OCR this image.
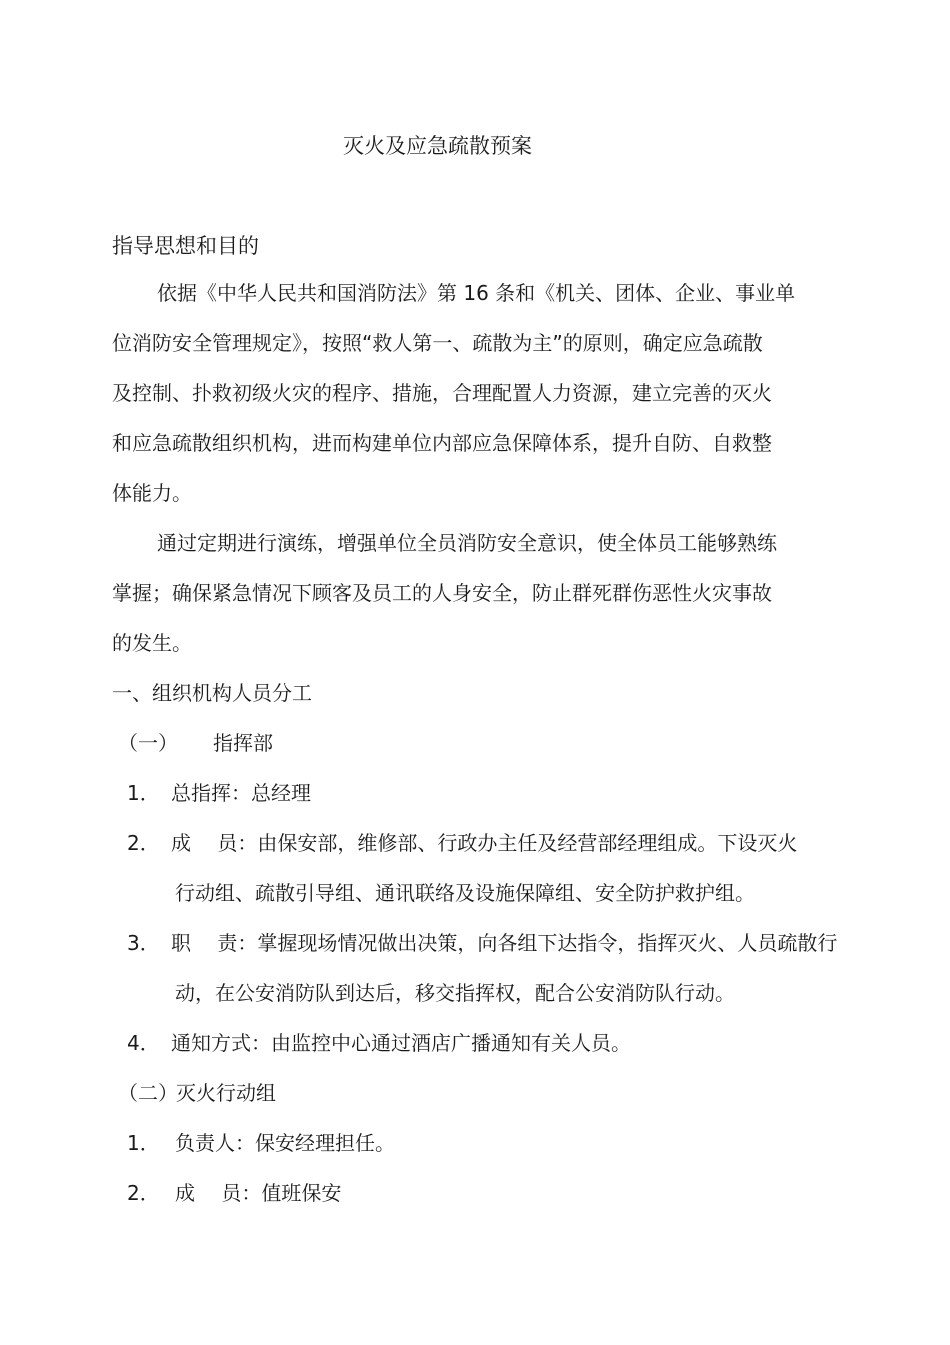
灭火及应急疏散预案
指导思想和目的
依据《中华人民共和国消防法》第 16 条和《机关、团体、企业、事业单
位消防安全管理规定》，按照“救人第一、疏散为主”的原则，确定应急疏散
及控制、扑救初级火灾的程序、措施，合理配置人力资源，建立完善的灭火
和应急疏散组织机构，进而构建单位内部应急保障体系，提升自防、自救整
体能力。
通过定期进行演练，增强单位全员消防安全意识，使全体员工能够熟练
掌握；确保紧急情况下顾客及员工的人身安全，防止群死群伤恶性火灾事故
的发生。
一、组织机构人员分工
（一） 指挥部
1． 总指挥：总经理
2． 成　 员：由保安部，维修部、行政办主任及经营部经理组成。下设灭火
行动组、疏散引导组、通讯联络及设施保障组、安全防护救护组。
3． 职　 责：掌握现场情况做出决策，向各组下达指令，指挥灭火、人员疏散行
动，在公安消防队到达后，移交指挥权，配合公安消防队行动。
4． 通知方式：由监控中心通过酒店广播通知有关人员。
（二）
灭火行动组
1． 负责人：保安经理担任。
2． 成　 员：值班保安
